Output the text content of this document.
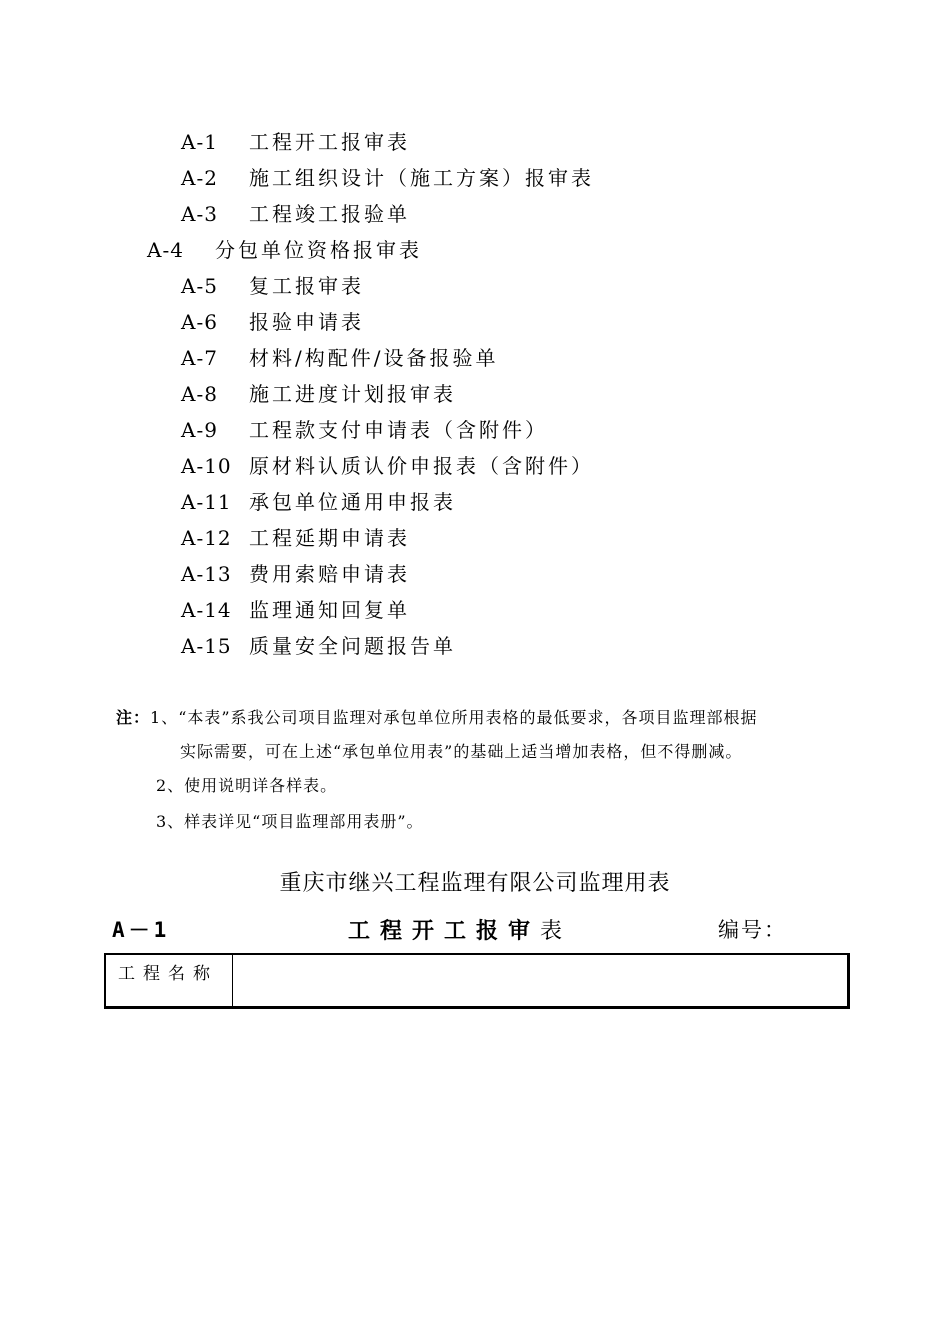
A-1 工程开工报审表
A-2 施工组织设计（施工方案）报审表
A-3 工程竣工报验单
A-4 分包单位资格报审表
A-5 复工报审表
A-6 报验申请表
A-7 材料/构配件/设备报验单
A-8 施工进度计划报审表
A-9 工程款支付申请表（含附件）
A-10 原材料认质认价申报表（含附件）
A-11 承包单位通用申报表
A-12 工程延期申请表
A-13 费用索赔申请表
A-14 监理通知回复单
A-15 质量安全问题报告单
注：1、“本表”系我公司项目监理对承包单位所用表格的最低要求，各项目监理部根据
实际需要，可在上述“承包单位用表”的基础上适当增加表格，但不得删减。
2、使用说明详各样表。
3、样表详见“项目监理部用表册”。
重庆市继兴工程监理有限公司监理用表
A－1	工程开工报审表	编号：
工程名称
